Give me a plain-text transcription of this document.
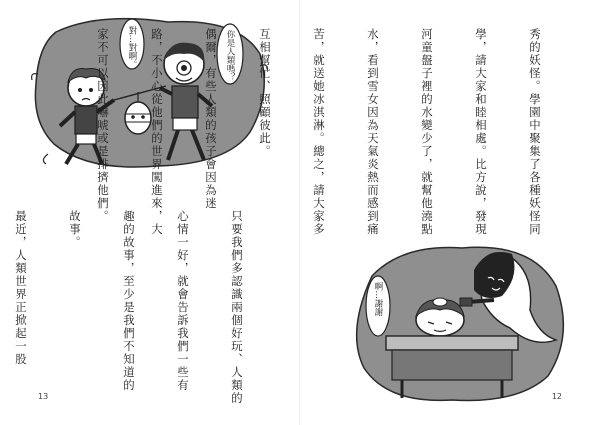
對…對啊。	你是人類嗎？

只要我們多認識兩個好玩、人類的

心情一好，就會告訴我們一些有

趣的故事，至少是我們不知道的

故事。

最近，人類世界正掀起一股

13

秀的妖怪。學園中聚集了各種妖怪同

學，請大家和睦相處。比方說，發現

河童盤子裡的水變少了，就幫他澆點

水，看到雪女因為天氣炎熱而感到痛

苦，就送她冰淇淋。總之，請大家多

互相幫忙、照顧彼此。

偶爾，有些人類的孩子會因為迷

路，不小心從他們的世界闖進來，大

家不可以因此嚇唬或是排擠他們。

啊…謝謝
12
